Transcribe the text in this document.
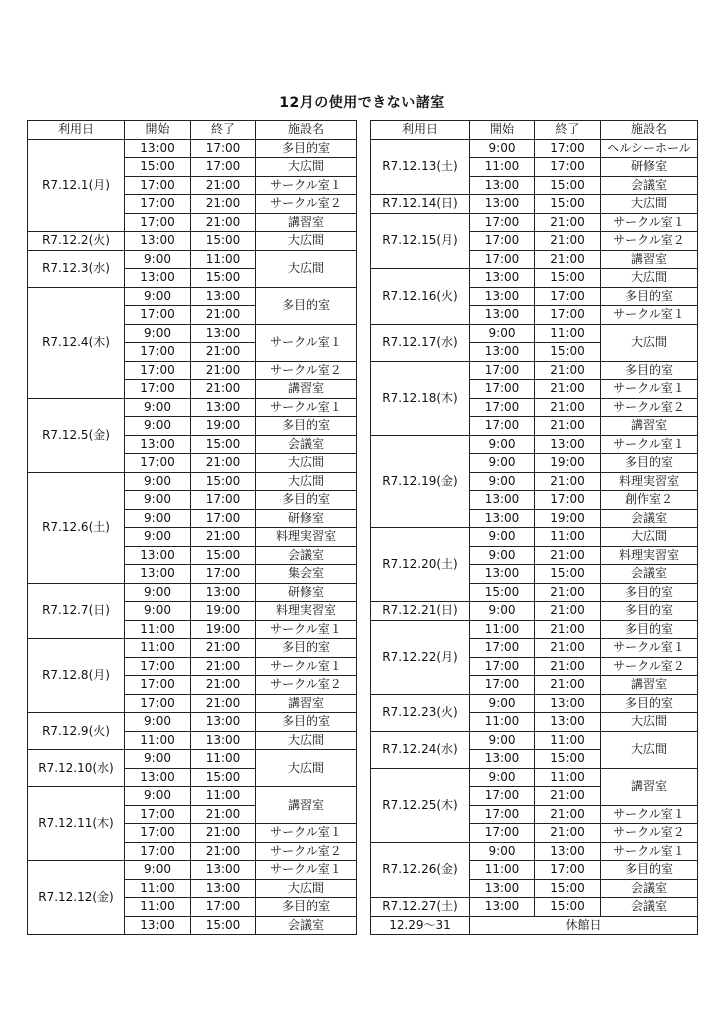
12月の使用できない諸室
利用日	開始	終了	施設名
R7.12.1(月)	13:00	17:00	多目的室
	15:00	17:00	大広間
	17:00	21:00	サークル室１
	17:00	21:00	サークル室２
	17:00	21:00	講習室
R7.12.2(火)	13:00	15:00	大広間
R7.12.3(水)	9:00	11:00	大広間
	13:00	15:00	
R7.12.4(木)	9:00	13:00	多目的室
	17:00	21:00	
	9:00	13:00	サークル室１
	17:00	21:00	
	17:00	21:00	サークル室２
	17:00	21:00	講習室
R7.12.5(金)	9:00	13:00	サークル室１
	9:00	19:00	多目的室
	13:00	15:00	会議室
	17:00	21:00	大広間
R7.12.6(土)	9:00	15:00	大広間
	9:00	17:00	多目的室
	9:00	17:00	研修室
	9:00	21:00	料理実習室
	13:00	15:00	会議室
	13:00	17:00	集会室
R7.12.7(日)	9:00	13:00	研修室
	9:00	19:00	料理実習室
	11:00	19:00	サークル室１
R7.12.8(月)	11:00	21:00	多目的室
	17:00	21:00	サークル室１
	17:00	21:00	サークル室２
	17:00	21:00	講習室
R7.12.9(火)	9:00	13:00	多目的室
	11:00	13:00	大広間
R7.12.10(水)	9:00	11:00	大広間
	13:00	15:00	
R7.12.11(木)	9:00	11:00	講習室
	17:00	21:00	
	17:00	21:00	サークル室１
	17:00	21:00	サークル室２
R7.12.12(金)	9:00	13:00	サークル室１
	11:00	13:00	大広間
	11:00	17:00	多目的室
	13:00	15:00	会議室
利用日	開始	終了	施設名
R7.12.13(土)	9:00	17:00	ヘルシーホール
	11:00	17:00	研修室
	13:00	15:00	会議室
R7.12.14(日)	13:00	15:00	大広間
R7.12.15(月)	17:00	21:00	サークル室１
	17:00	21:00	サークル室２
	17:00	21:00	講習室
R7.12.16(火)	13:00	15:00	大広間
	13:00	17:00	多目的室
	13:00	17:00	サークル室１
R7.12.17(水)	9:00	11:00	大広間
	13:00	15:00	
R7.12.18(木)	17:00	21:00	多目的室
	17:00	21:00	サークル室１
	17:00	21:00	サークル室２
	17:00	21:00	講習室
R7.12.19(金)	9:00	13:00	サークル室１
	9:00	19:00	多目的室
	9:00	21:00	料理実習室
	13:00	17:00	創作室２
	13:00	19:00	会議室
R7.12.20(土)	9:00	11:00	大広間
	9:00	21:00	料理実習室
	13:00	15:00	会議室
	15:00	21:00	多目的室
R7.12.21(日)	9:00	21:00	多目的室
R7.12.22(月)	11:00	21:00	多目的室
	17:00	21:00	サークル室１
	17:00	21:00	サークル室２
	17:00	21:00	講習室
R7.12.23(火)	9:00	13:00	多目的室
	11:00	13:00	大広間
R7.12.24(水)	9:00	11:00	大広間
	13:00	15:00	
R7.12.25(木)	9:00	11:00	講習室
	17:00	21:00	
	17:00	21:00	サークル室１
	17:00	21:00	サークル室２
R7.12.26(金)	9:00	13:00	サークル室１
	11:00	17:00	多目的室
	13:00	15:00	会議室
R7.12.27(土)	13:00	15:00	会議室
12.29～31	休館日		
